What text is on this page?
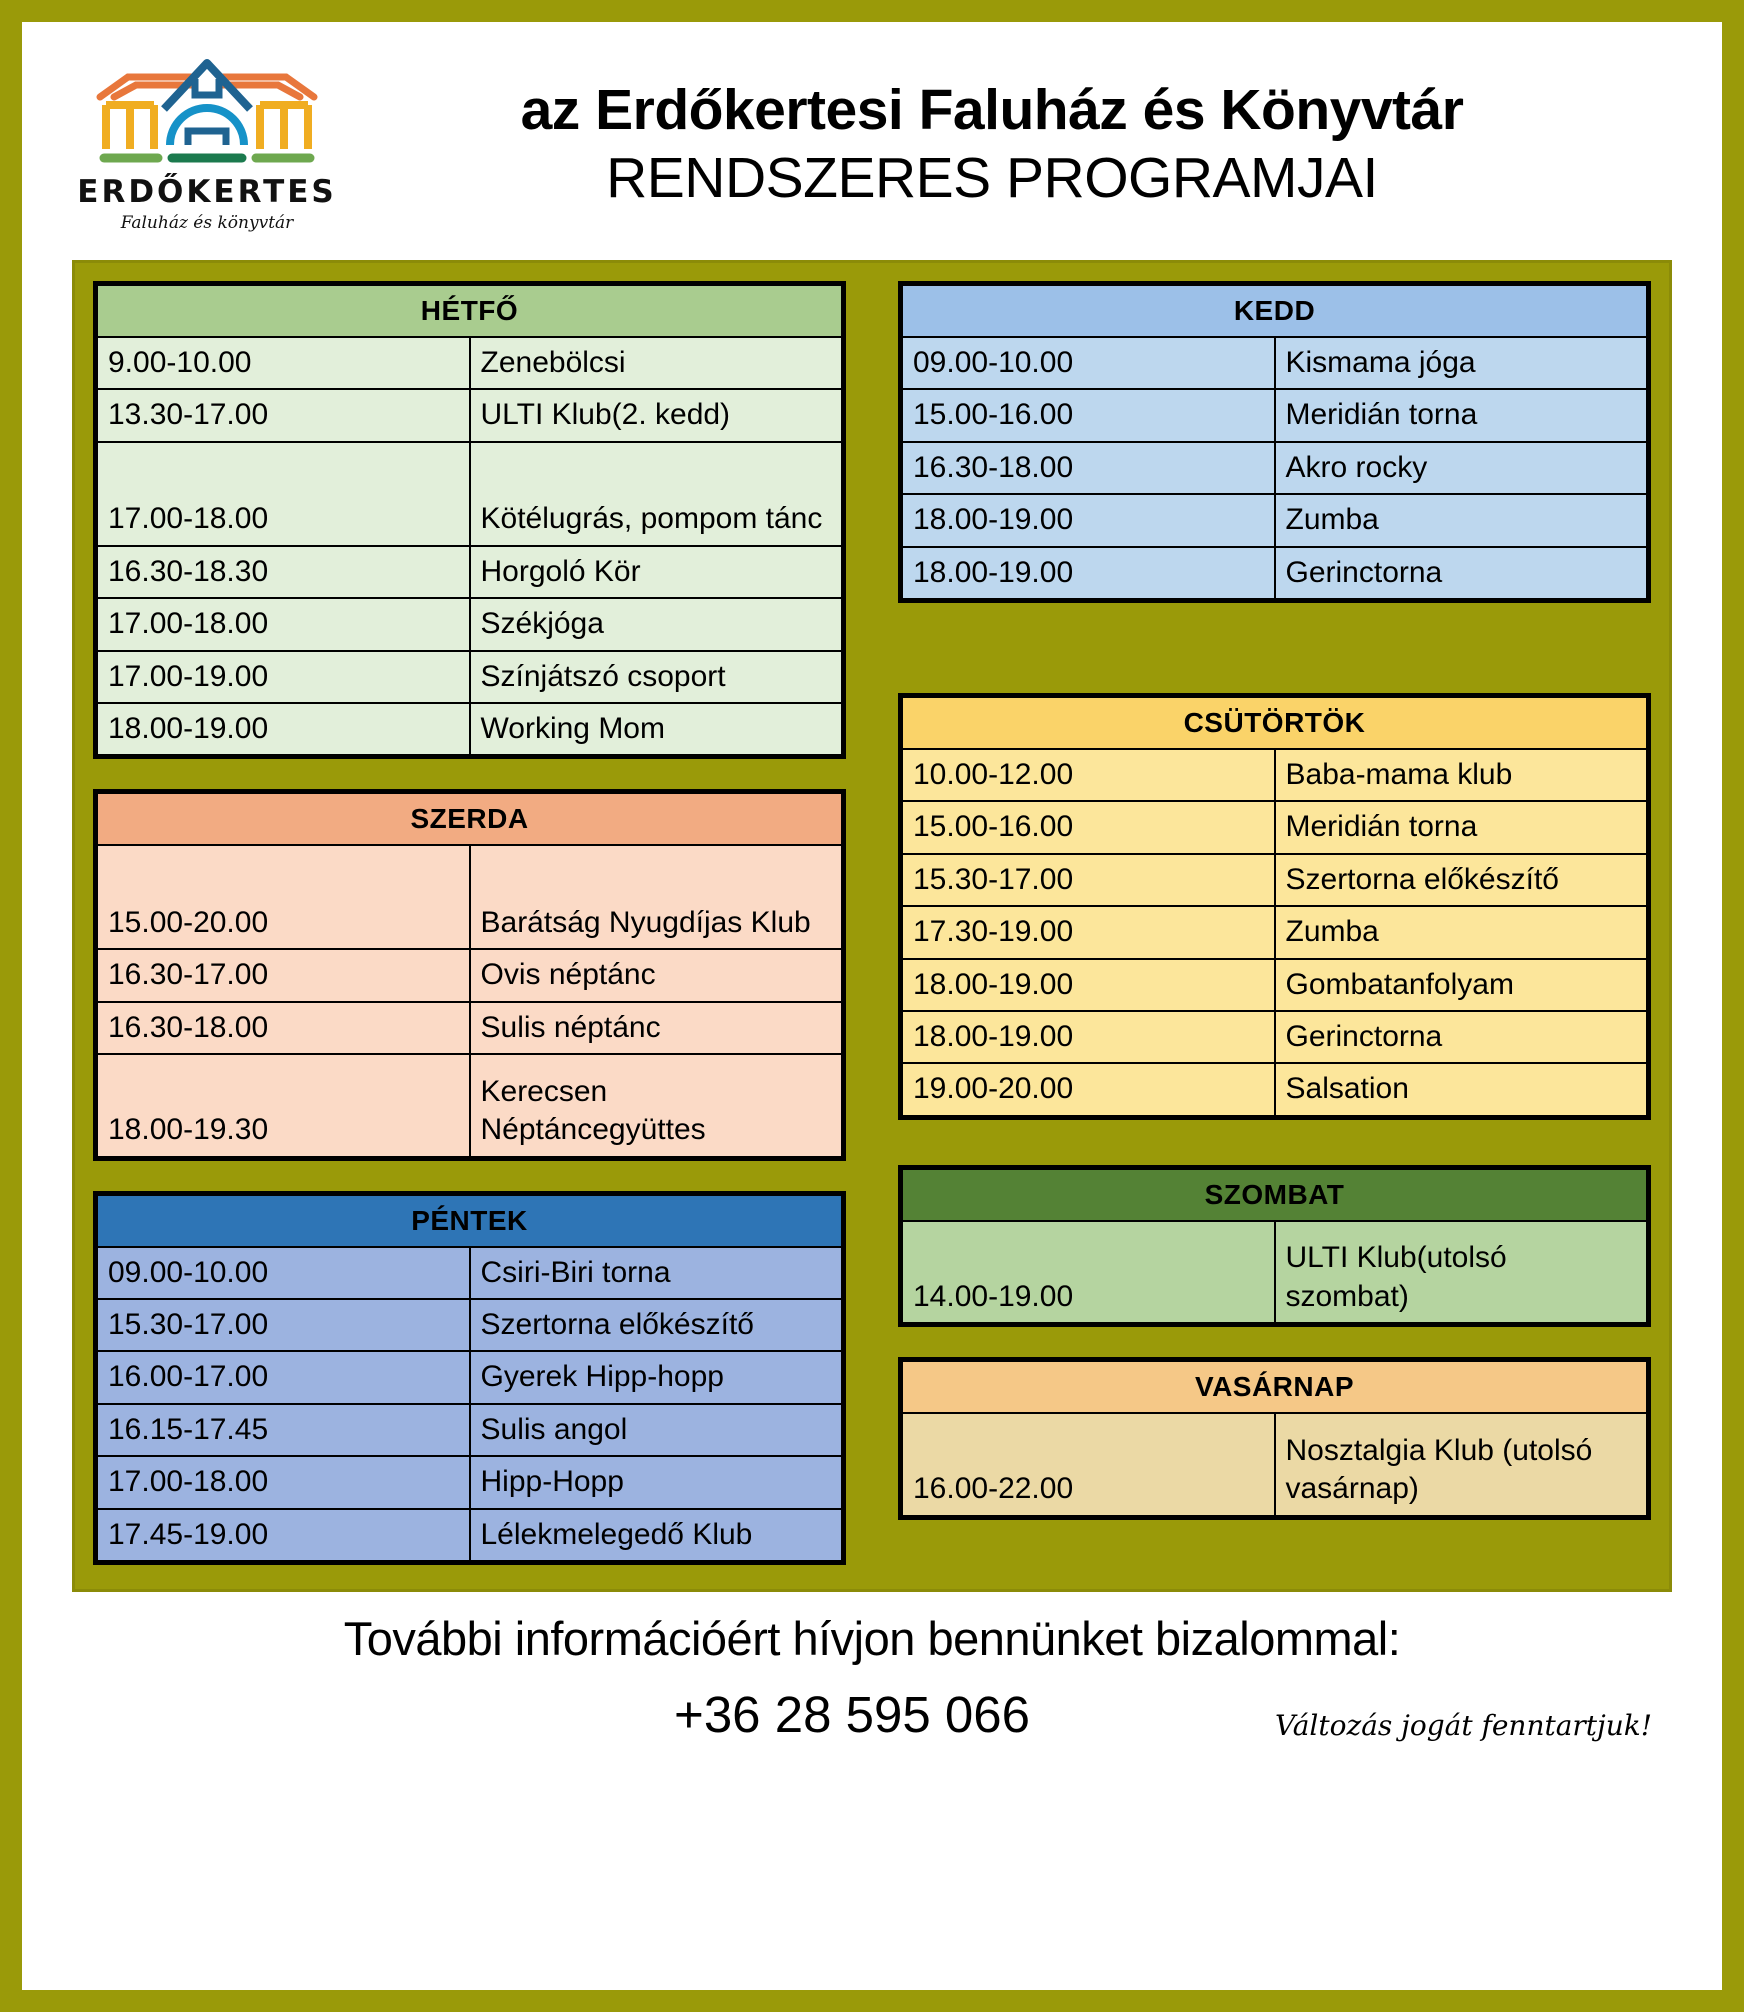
ERDŐKERTES
Faluház és könyvtár
az Erdőkertesi Faluház és Könyvtár
RENDSZERES PROGRAMJAI
HÉTFŐ	
9.00-10.00	Zenebölcsi
13.30-17.00	ULTI Klub(2. kedd)
17.00-18.00	Kötélugrás, pompom tánc
16.30-18.30	Horgoló Kör
17.00-18.00	Székjóga
17.00-19.00	Színjátszó csoport
18.00-19.00	Working Mom
SZERDA	
15.00-20.00	Barátság Nyugdíjas Klub
16.30-17.00	Ovis néptánc
16.30-18.00	Sulis néptánc
18.00-19.30	Kerecsen Néptáncegyüttes
PÉNTEK	
09.00-10.00	Csiri-Biri torna
15.30-17.00	Szertorna előkészítő
16.00-17.00	Gyerek Hipp-hopp
16.15-17.45	Sulis angol
17.00-18.00	Hipp-Hopp
17.45-19.00	Lélekmelegedő Klub
KEDD	
09.00-10.00	Kismama jóga
15.00-16.00	Meridián torna
16.30-18.00	Akro rocky
18.00-19.00	Zumba
18.00-19.00	Gerinctorna
CSÜTÖRTÖK	
10.00-12.00	Baba-mama klub
15.00-16.00	Meridián torna
15.30-17.00	Szertorna előkészítő
17.30-19.00	Zumba
18.00-19.00	Gombatanfolyam
18.00-19.00	Gerinctorna
19.00-20.00	Salsation
SZOMBAT
14.00-19.00	ULTI Klub(utolsó szombat)
VASÁRNAP
16.00-22.00	Nosztalgia Klub (utolsó vasárnap)
További információért hívjon bennünket bizalommal:
+36 28 595 066	Változás jogát fenntartjuk!
